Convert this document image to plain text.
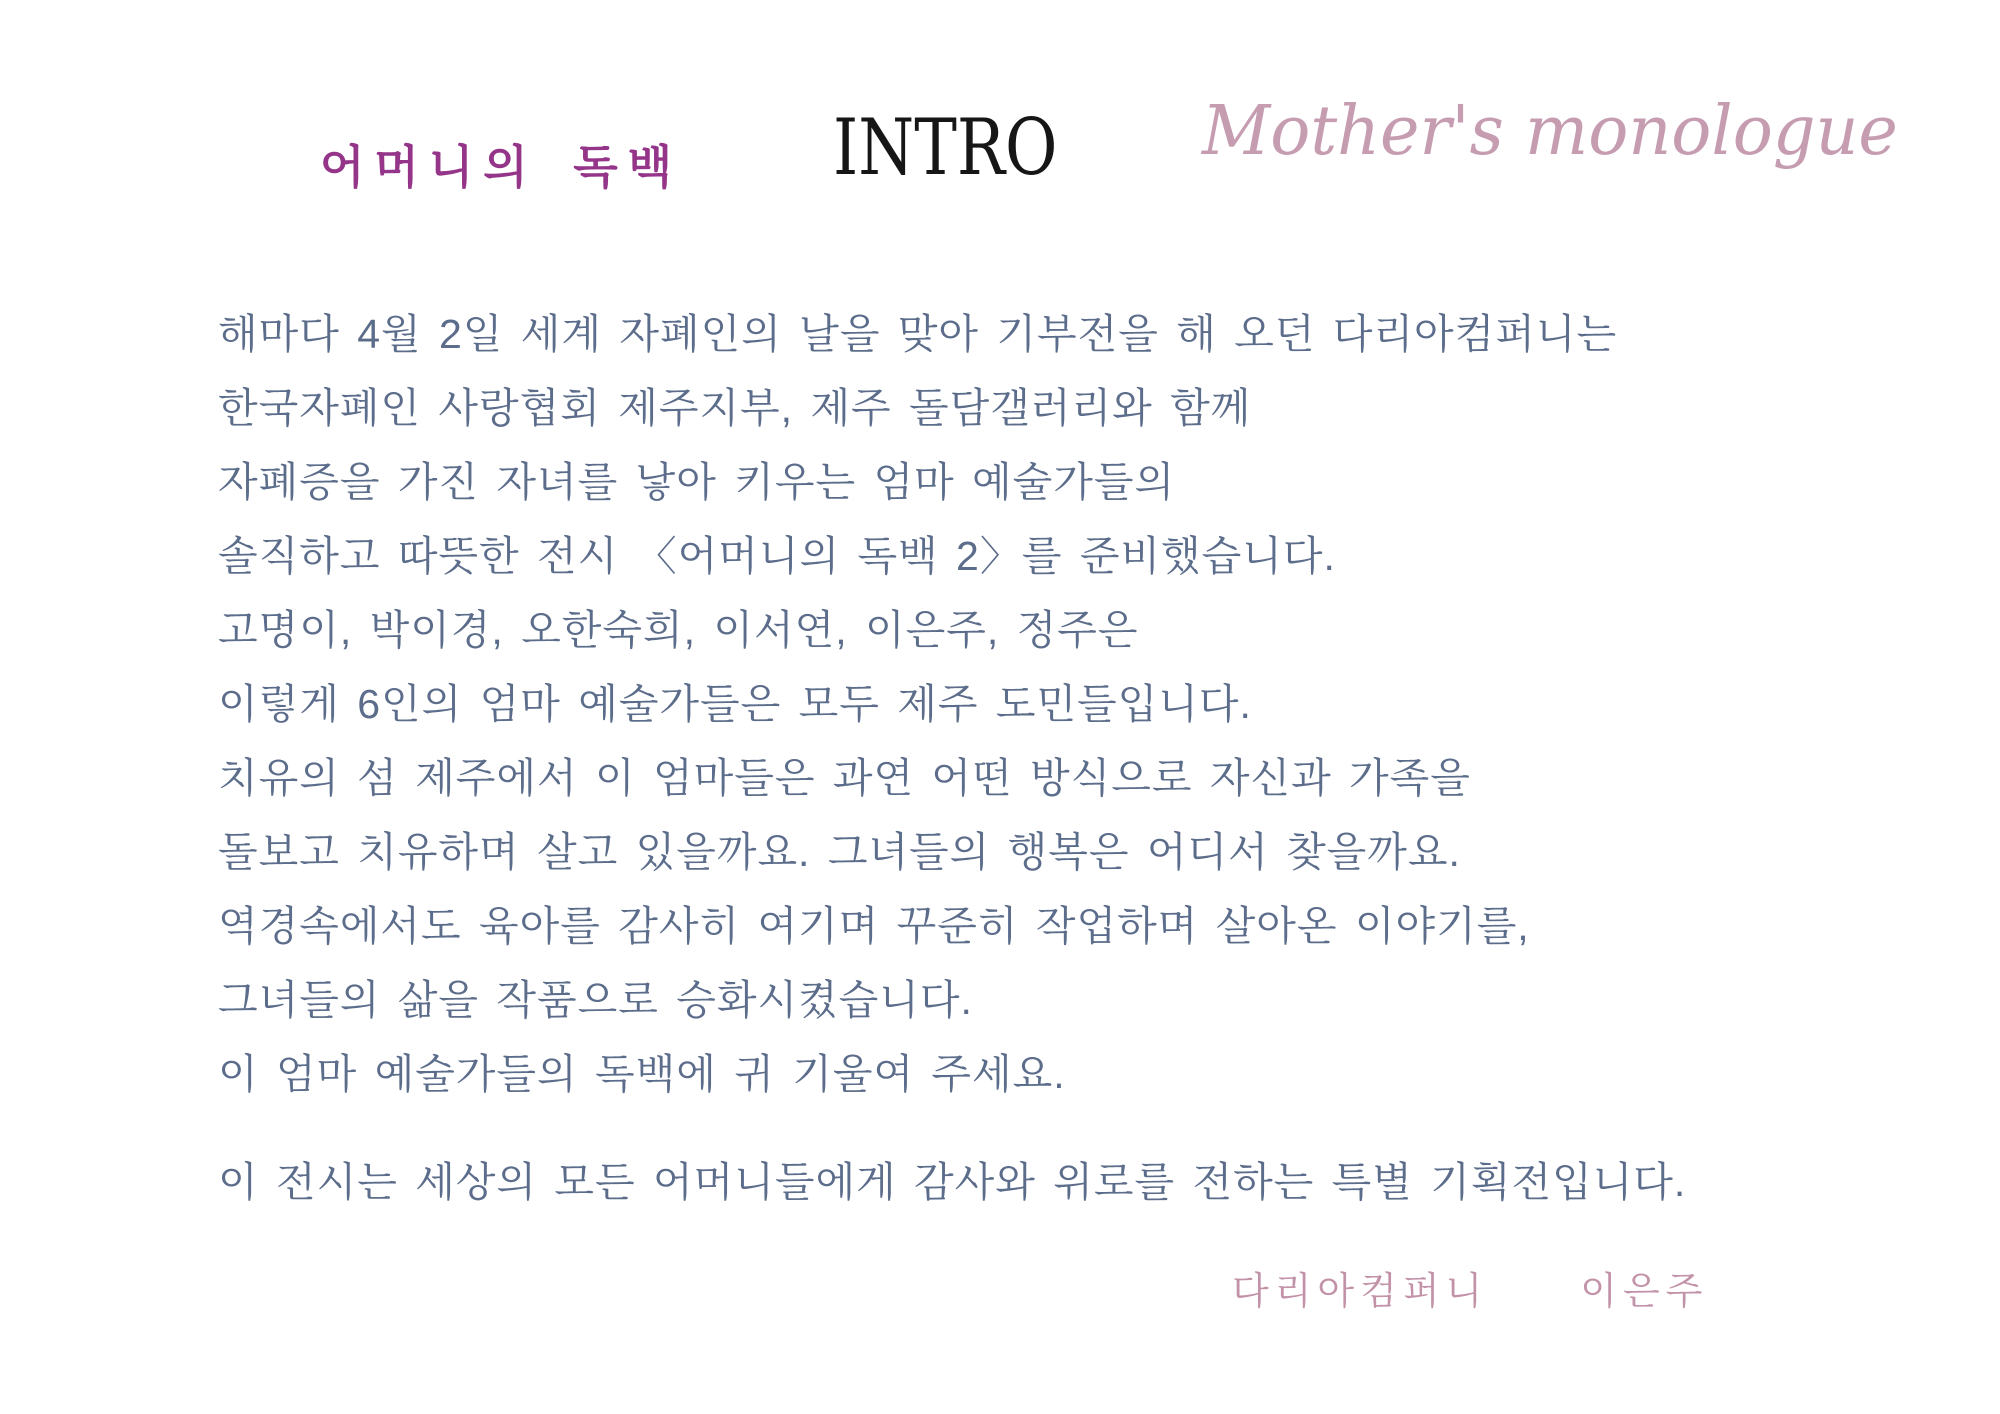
어머니의 독백 INTRO Mother's monologue
해마다 4월 2일 세계 자폐인의 날을 맞아 기부전을 해 오던 다리아컴퍼니는
한국자폐인 사랑협회 제주지부, 제주 돌담갤러리와 함께
자폐증을 가진 자녀를 낳아 키우는 엄마 예술가들의
솔직하고 따뜻한 전시 〈어머니의 독백 2〉를 준비했습니다.
고명이, 박이경, 오한숙희, 이서연, 이은주, 정주은
이렇게 6인의 엄마 예술가들은 모두 제주 도민들입니다.
치유의 섬 제주에서 이 엄마들은 과연 어떤 방식으로 자신과 가족을
돌보고 치유하며 살고 있을까요. 그녀들의 행복은 어디서 찾을까요.
역경속에서도 육아를 감사히 여기며 꾸준히 작업하며 살아온 이야기를,
그녀들의 삶을 작품으로 승화시켰습니다.
이 엄마 예술가들의 독백에 귀 기울여 주세요.
이 전시는 세상의 모든 어머니들에게 감사와 위로를 전하는 특별 기획전입니다.
다리아컴퍼니 이은주
